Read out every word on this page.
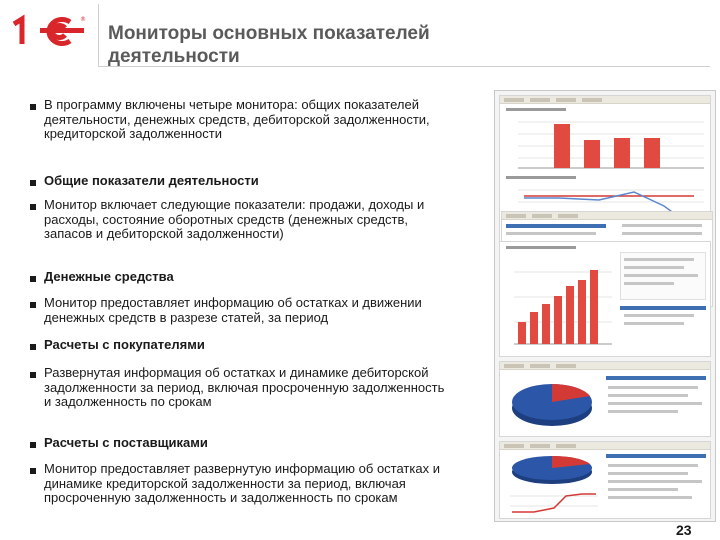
®
Мониторы основных показателей деятельности
В программу включены четыре монитора: общих показателей деятельности, денежных средств, дебиторской задолженности, кредиторской задолженности
Общие показатели деятельности
Монитор включает следующие показатели: продажи, доходы и расходы, состояние оборотных средств (денежных средств, запасов и дебиторской задолженности)
Денежные средства
Монитор предоставляет информацию об остатках и движении денежных средств в разрезе статей, за период
Расчеты с покупателями
Развернутая информация об остатках и динамике дебиторской задолженности за период, включая просроченную задолженность и задолженность по срокам
Расчеты с поставщиками
Монитор предоставляет развернутую информацию об остатках и динамике кредиторской задолженности за период, включая просроченную задолженность и задолженность по срокам
23
